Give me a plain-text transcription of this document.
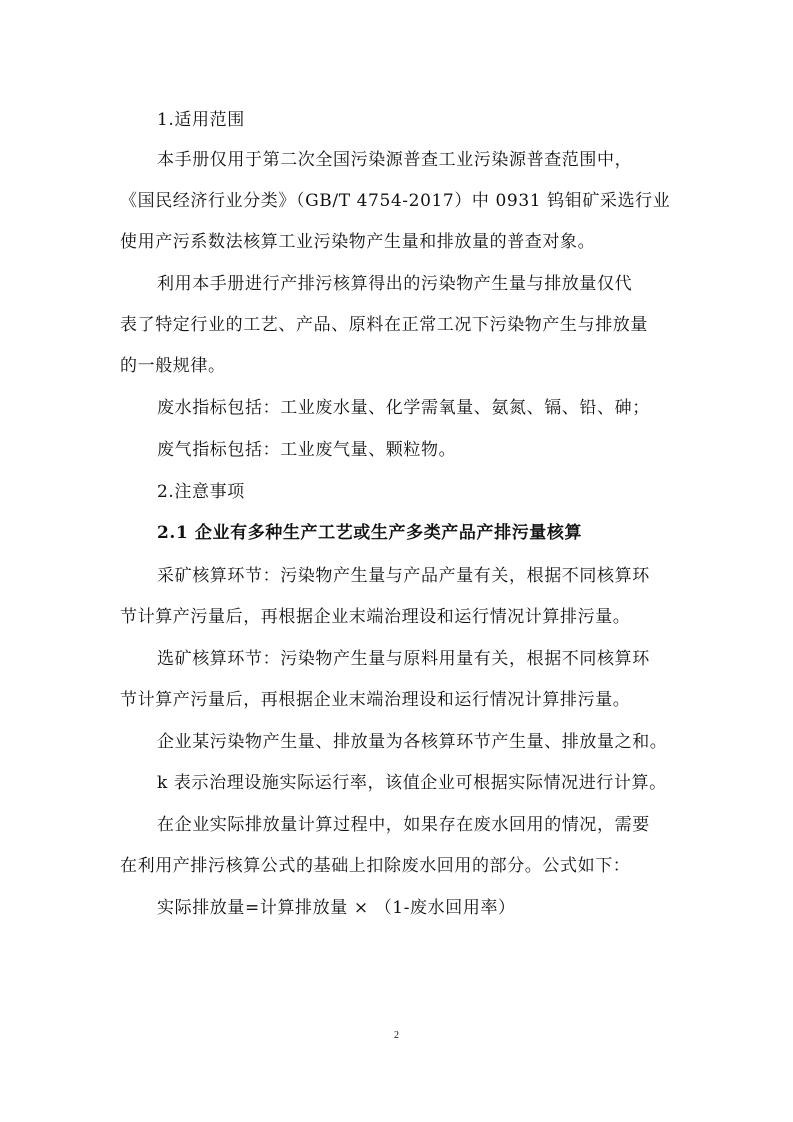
1.适用范围
本手册仅用于第二次全国污染源普查工业污染源普查范围中，
《国民经济行业分类》（GB/T 4754-2017）中 0931 钨钼矿采选行业
使用产污系数法核算工业污染物产生量和排放量的普查对象。
利用本手册进行产排污核算得出的污染物产生量与排放量仅代
表了特定行业的工艺、产品、原料在正常工况下污染物产生与排放量
的一般规律。
废水指标包括：工业废水量、化学需氧量、氨氮、镉、铅、砷；
废气指标包括：工业废气量、颗粒物。
2.注意事项
2.1 企业有多种生产工艺或生产多类产品产排污量核算
采矿核算环节：污染物产生量与产品产量有关，根据不同核算环
节计算产污量后，再根据企业末端治理设和运行情况计算排污量。
选矿核算环节：污染物产生量与原料用量有关，根据不同核算环
节计算产污量后，再根据企业末端治理设和运行情况计算排污量。
企业某污染物产生量、排放量为各核算环节产生量、排放量之和。
k 表示治理设施实际运行率，该值企业可根据实际情况进行计算。
在企业实际排放量计算过程中，如果存在废水回用的情况，需要
在利用产排污核算公式的基础上扣除废水回用的部分。公式如下：
实际排放量=计算排放量 × （1-废水回用率）
2
